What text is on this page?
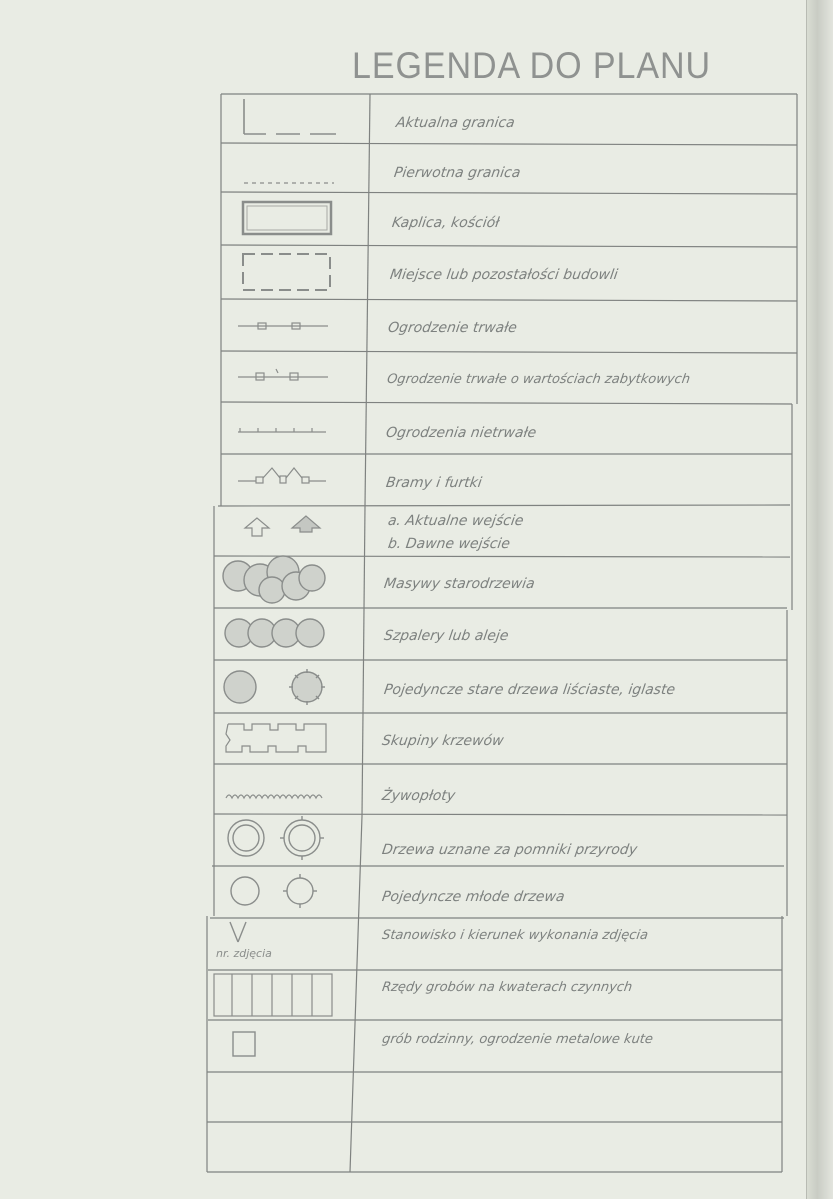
LEGENDA DO PLANU
Aktualna granica
Pierwotna granica
Kaplica, kościół
Miejsce lub pozostałości budowli
Ogrodzenie trwałe
Ogrodzenie trwałe o wartościach zabytkowych
Ogrodzenia nietrwałe
Bramy i furtki
a. Aktualne wejście
b. Dawne wejście
Masywy starodrzewia
Szpalery lub aleje
Pojedyncze stare drzewa liściaste, iglaste
Skupiny krzewów
Żywopłoty
Drzewa uznane za pomniki przyrody
Pojedyncze młode drzewa
Stanowisko i kierunek wykonania zdjęcia
nr. zdjęcia
Rzędy grobów na kwaterach czynnych
grób rodzinny, ogrodzenie metalowe kute
